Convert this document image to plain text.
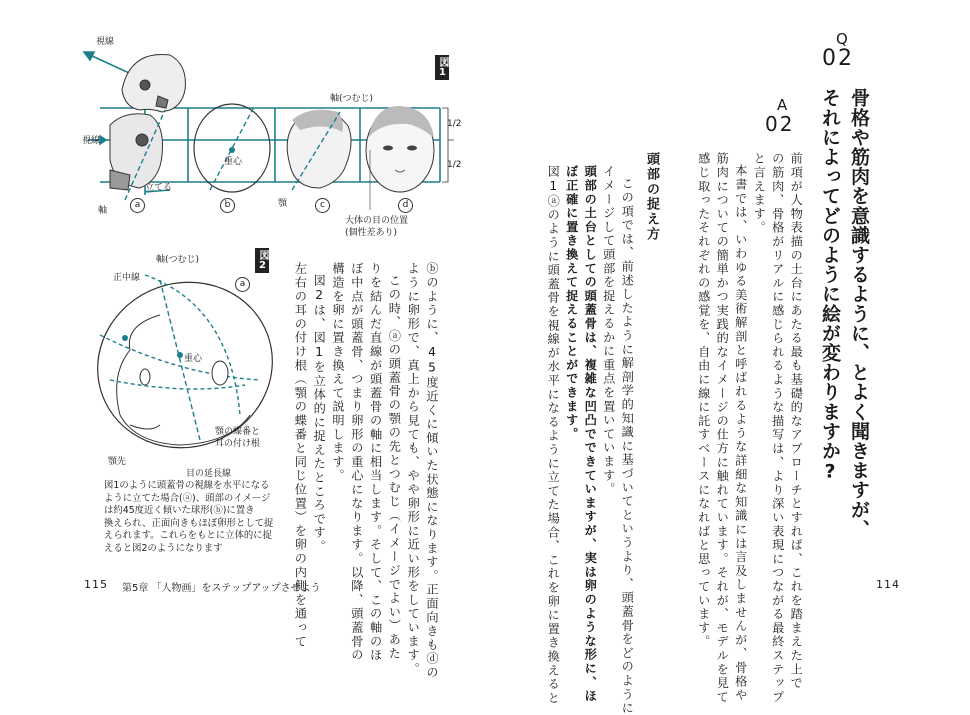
Q
02
骨格や筋肉を意識するように、とよく聞きますが、
それによってどのように絵が変わりますか?
A
02
前項が人物表描の土台にあたる最も基礎的なアプローチとすれば、これを踏まえた上で
の筋肉、骨格がリアルに感じられるような描写は、より深い表現につながる最終ステップ
と言えます。
本書では、いわゆる美術解剖と呼ばれるような詳細な知識には言及しませんが、骨格や
筋肉についての簡単かつ実践的なイメージの仕方に触れています。それが、モデルを見て
感じ取ったそれぞれの感覚を、自由に線に託すベースになればと思っています。
頭部の捉え方
この項では、前述したように解剖学的知識に基づいてというより、頭蓋骨をどのように
イメージして頭部を捉えるかに重点を置いています。
頭部の土台としての頭蓋骨は、複雑な凹凸でできていますが、実は卵のような形に、ほ
ぼ正確に置き換えて捉えることができます。
図1ⓐのように頭蓋骨を視線が水平になるように立てた場合、これを卵に置き換えると	114
ⓑのように、45度近くに傾いた状態になります。正面向きもⓓの
ように卵形で、真上から見ても、やや卵形に近い形をしています。
この時、ⓐの頭蓋骨の顎の先とつむじ（イメージでよい）あた
りを結んだ直線が頭蓋骨の軸に相当します。そして、この軸のほ
ぼ中点が頭蓋骨、つまり卵形の重心になります。以降、頭蓋骨の
構造を卵に置き換えて説明します。
図2は、図1を立体的に捉えたところです。
左右の耳の付け根（顎の蝶番と同じ位置）を卵の内側を通って
図1
視線
視線
軸(つむじ)
重心
立てる
軸
顎
大体の目の位置
(個性差あり)
1/2
1/2
a	b	c	d
図2
軸(つむじ)
正中線
重心
顎の蝶番と
耳の付け根
顎先
目の延長線
a
図1のように頭蓋骨の視線を水平になる
ように立てた場合(ⓐ)、頭部のイメージ
は約45度近く傾いた球形(ⓑ)に置き
換えられ、正面向きもほぼ卵形として捉
えられます。これらをもとに立体的に捉
えると図2のようになります
115 第5章 「人物画」をステップアップさせよう
